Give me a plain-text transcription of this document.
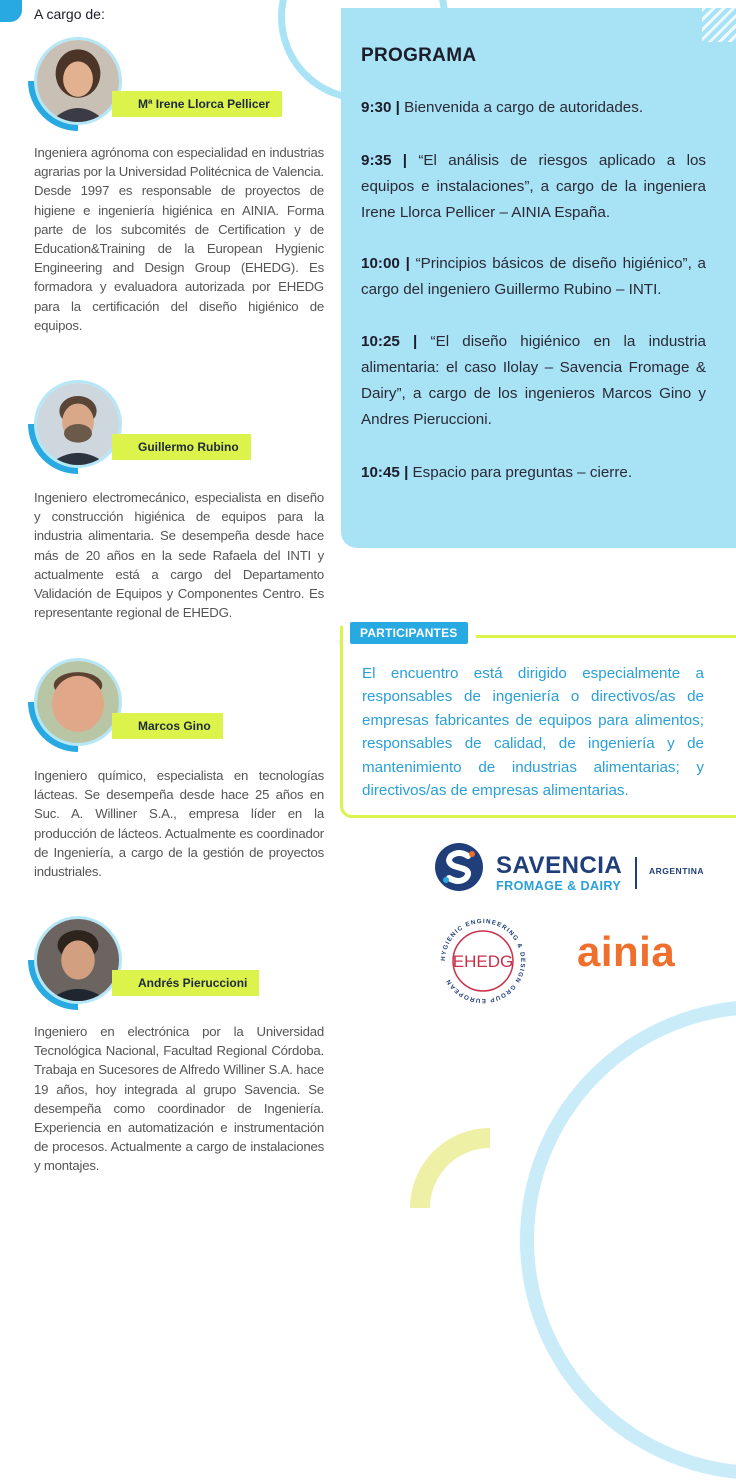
A cargo de:
Mª Irene Llorca Pellicer
Ingeniera agrónoma con especialidad en industrias agrarias por la Universidad Politécnica de Valencia. Desde 1997 es responsable de proyectos de higiene e ingeniería higiénica en AINIA. Forma parte de los subcomités de Certification y de Education&Training de la European Hygienic Engineering and Design Group (EHEDG). Es formadora y evaluadora autorizada por EHEDG para la certificación del diseño higiénico de equipos.
Guillermo Rubino
Ingeniero electromecánico, especialista en diseño y construcción higiénica de equipos para la industria alimentaria. Se desempeña desde hace más de 20 años en la sede Rafaela del INTI y actualmente está a cargo del Departamento Validación de Equipos y Componentes Centro. Es representante regional de EHEDG.
Marcos Gino
Ingeniero químico, especialista en tecnologías lácteas. Se desempeña desde hace 25 años en Suc. A. Williner S.A., empresa líder en la producción de lácteos. Actualmente es coordinador de Ingeniería, a cargo de la gestión de proyectos industriales.
Andrés Pieruccioni
Ingeniero en electrónica por la Universidad Tecnológica Nacional, Facultad Regional Córdoba. Trabaja en Sucesores de Alfredo Williner S.A. hace 19 años, hoy integrada al grupo Savencia. Se desempeña como coordinador de Ingeniería. Experiencia en automatización e instrumentación de procesos. Actualmente a cargo de instalaciones y montajes.
PROGRAMA
9:30 | Bienvenida a cargo de autoridades.
9:35 | “El análisis de riesgos aplicado a los equipos e instalaciones”, a cargo de la ingeniera Irene Llorca Pellicer – AINIA España.
10:00 | “Principios básicos de diseño higiénico”, a cargo del ingeniero Guillermo Rubino – INTI.
10:25 | “El diseño higiénico en la industria alimentaria: el caso Ilolay – Savencia Fromage & Dairy”, a cargo de los ingenieros Marcos Gino y Andres Pieruccioni.
10:45 | Espacio para preguntas – cierre.
PARTICIPANTES
El encuentro está dirigido especialmente a responsables de ingeniería o directivos/as de empresas fabricantes de equipos para alimentos; responsables de calidad, de ingeniería y de mantenimiento de industrias alimentarias; y directivos/as de empresas alimentarias.
SAVENCIA
FROMAGE & DAIRY
ARGENTINA
HYGIENIC ENGINEERING & DESIGN GROUP EUROPEAN
EHEDG ainia
